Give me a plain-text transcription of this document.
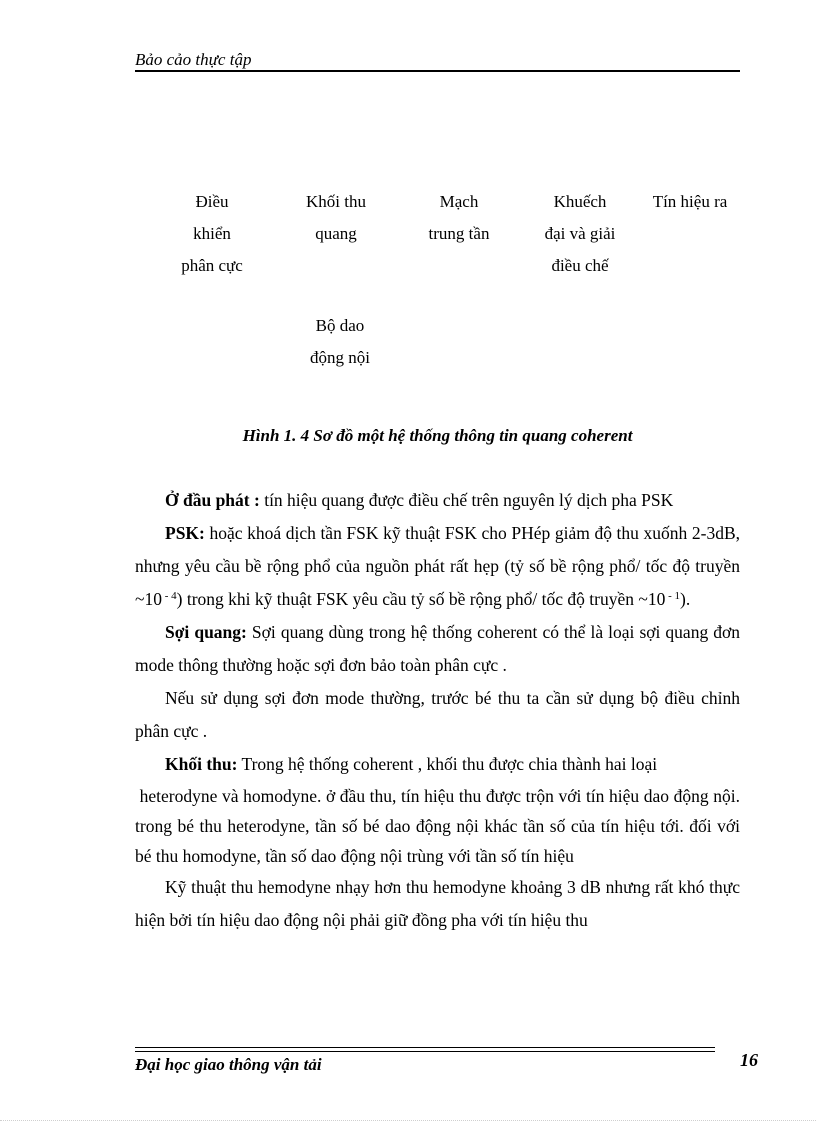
Bảo cảo thực tập
Điều
khiển
phân cực
Khối thu
quang
Mạch
trung tần
Khuếch
đại và giải
điều chế
Tín hiệu ra
Bộ dao
động nội
Hình 1. 4 Sơ đồ một hệ thống thông tin quang coherent

Ở đầu phát : tín hiệu quang được điều chế trên nguyên lý dịch pha PSK

PSK: hoặc khoá dịch tần FSK kỹ thuật FSK cho PHép giảm độ thu xuốnh 2-3dB, nhưng yêu cầu bề rộng phổ của nguồn phát rất hẹp (tỷ số bề rộng phổ/ tốc độ truyền ~10 $^{- 4}$) trong khi kỹ thuật FSK yêu cầu tỷ số bề rộng phổ/ tốc độ truyền ~10 $^{- 1}$).

Sợi quang: Sợi quang dùng trong hệ thống coherent có thể là loại sợi quang đơn mode thông thường hoặc sợi đơn bảo toàn phân cực .

Nếu sử dụng sợi đơn mode thường, trước bé thu ta cần sử dụng bộ điều chỉnh phân cực .

Khối thu: Trong hệ thống coherent , khối thu được chia thành hai loại

heterodyne và homodyne. ở đầu thu, tín hiệu thu được trộn với tín hiệu dao động nội. trong bé thu heterodyne, tần số bé dao động nội khác tần số của tín hiệu tới. đối với bé thu homodyne, tần số dao động nội trùng với tần số tín hiệu

Kỹ thuật thu hemodyne nhạy hơn thu hemodyne khoảng 3 dB nhưng rất khó thực hiện bởi tín hiệu dao động nội phải giữ đồng pha với tín hiệu thu

Đại học giao thông vận tải	16
